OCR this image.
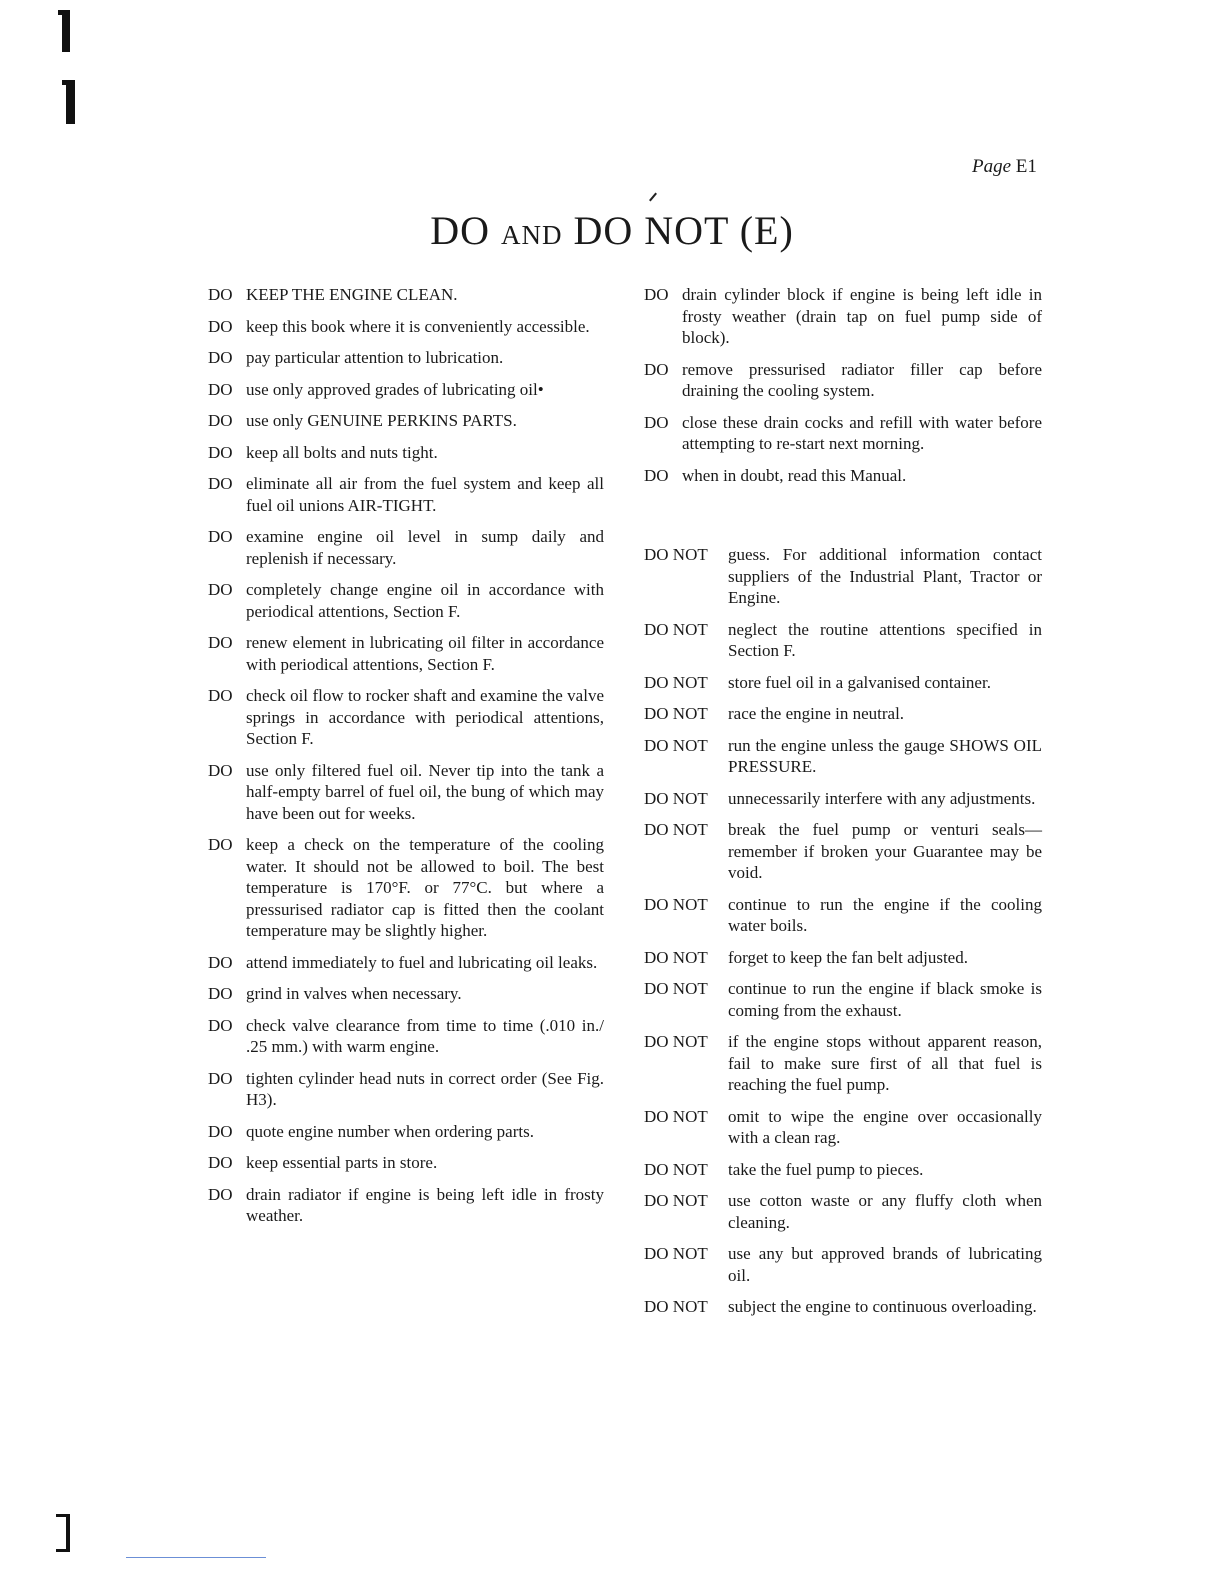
Page E1
DO AND DO NOT (E)
DO KEEP THE ENGINE CLEAN.
DO keep this book where it is conveniently accessible.
DO pay particular attention to lubrication.
DO use only approved grades of lubricating oil•
DO use only GENUINE PERKINS PARTS.
DO keep all bolts and nuts tight.
DO eliminate all air from the fuel system and keep all fuel oil unions AIR-TIGHT.
DO examine engine oil level in sump daily and replenish if necessary.
DO completely change engine oil in accordance with periodical attentions, Section F.
DO renew element in lubricating oil filter in accordance with periodical attentions, Section F.
DO check oil flow to rocker shaft and examine the valve springs in accordance with periodical attentions, Section F.
DO use only filtered fuel oil. Never tip into the tank a half-empty barrel of fuel oil, the bung of which may have been out for weeks.
DO keep a check on the temperature of the cooling water. It should not be allowed to boil. The best temperature is 170°F. or 77°C. but where a pressurised radiator cap is fitted then the coolant temperature may be slightly higher.
DO attend immediately to fuel and lubricating oil leaks.
DO grind in valves when necessary.
DO check valve clearance from time to time (.010 in./ .25 mm.) with warm engine.
DO tighten cylinder head nuts in correct order (See Fig. H3).
DO quote engine number when ordering parts.
DO keep essential parts in store.
DO drain radiator if engine is being left idle in frosty weather.
DO drain cylinder block if engine is being left idle in frosty weather (drain tap on fuel pump side of block).
DO remove pressurised radiator filler cap before draining the cooling system.
DO close these drain cocks and refill with water before attempting to re-start next morning.
DO when in doubt, read this Manual.
DO NOT	guess. For additional information contact suppliers of the Industrial Plant, Tractor or Engine.
DO NOT	neglect the routine attentions specified in Section F.
DO NOT	store fuel oil in a galvanised container.
DO NOT	race the engine in neutral.
DO NOT	run the engine unless the gauge SHOWS OIL PRESSURE.
DO NOT	unnecessarily interfere with any adjustments.
DO NOT	break the fuel pump or venturi seals—remember if broken your Guarantee may be void.
DO NOT	continue to run the engine if the cooling water boils.
DO NOT	forget to keep the fan belt adjusted.
DO NOT	continue to run the engine if black smoke is coming from the exhaust.
DO NOT	if the engine stops without apparent reason, fail to make sure first of all that fuel is reaching the fuel pump.
DO NOT	omit to wipe the engine over occasionally with a clean rag.
DO NOT	take the fuel pump to pieces.
DO NOT	use cotton waste or any fluffy cloth when cleaning.
DO NOT	use any but approved brands of lubricating oil.
DO NOT	subject the engine to continuous overloading.
